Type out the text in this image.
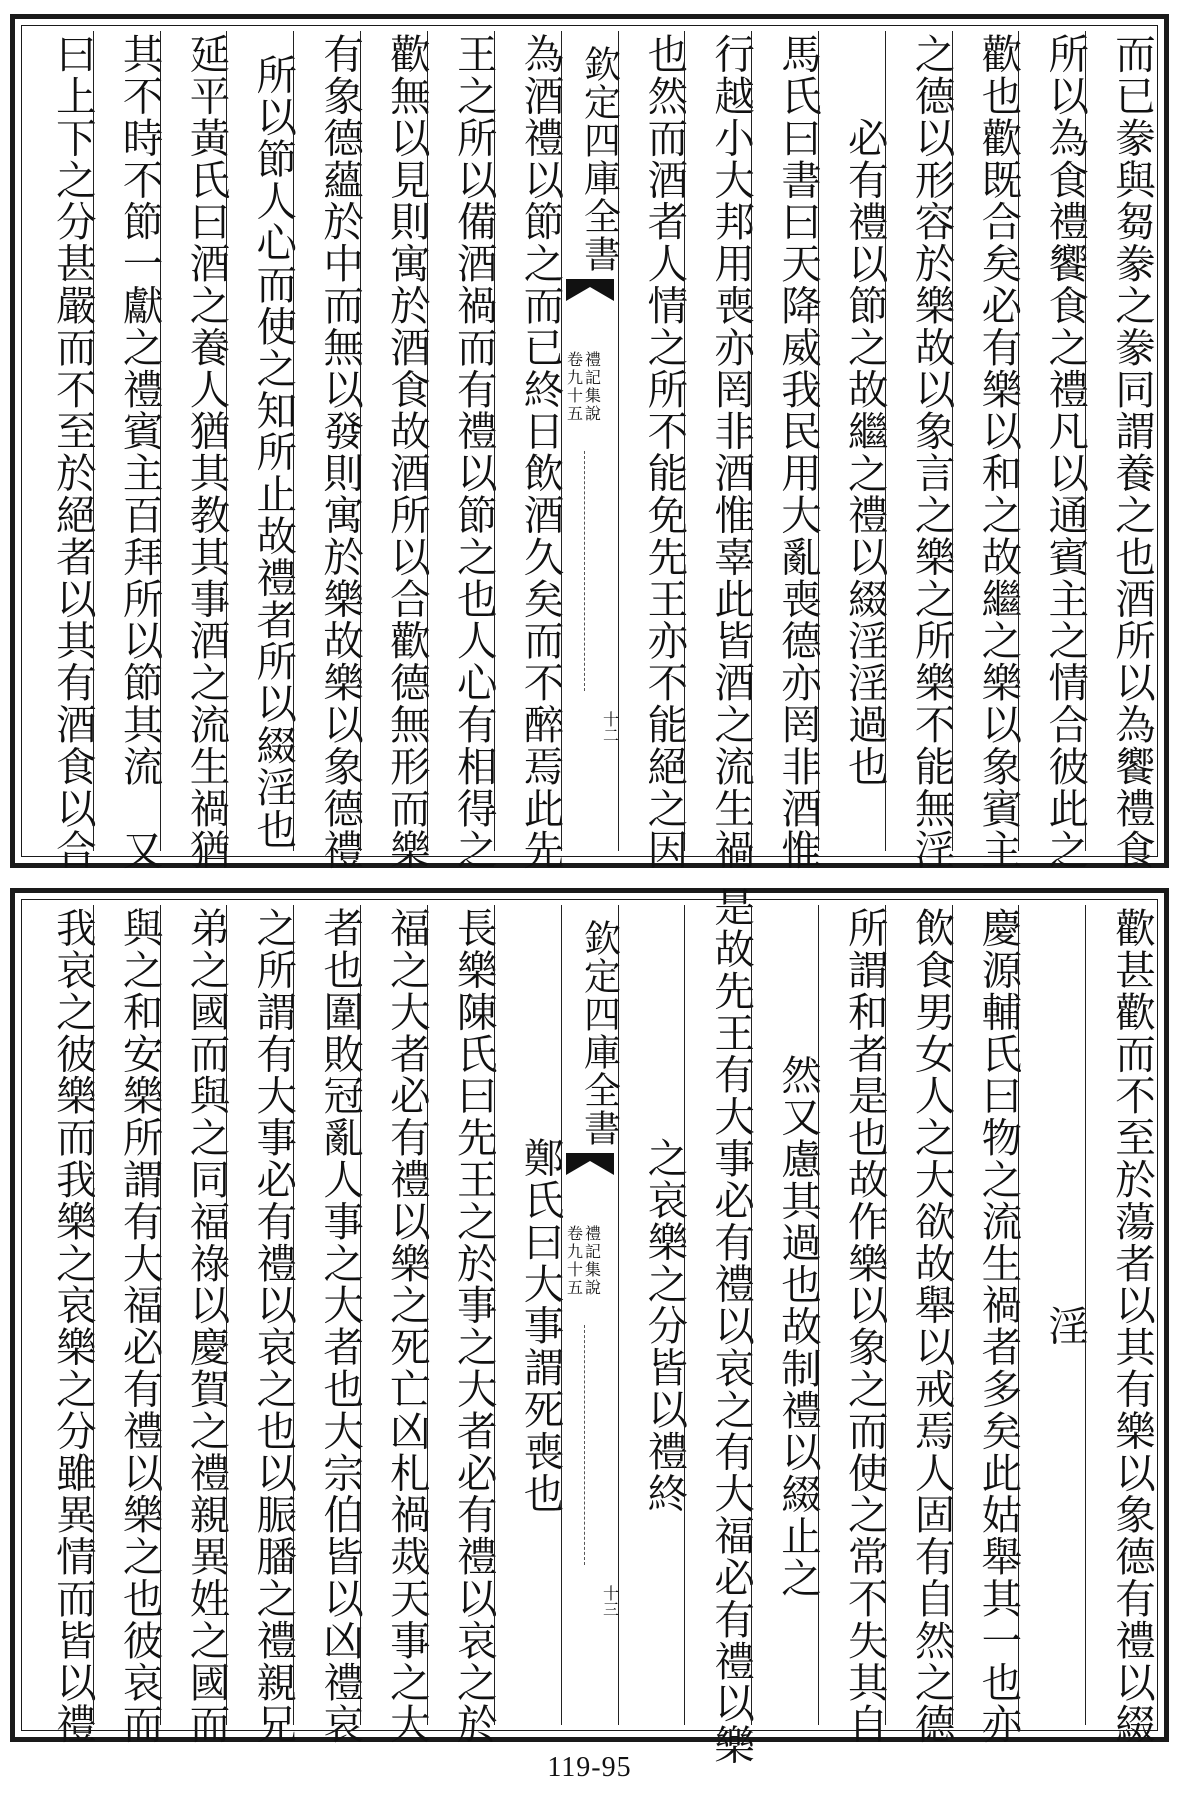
而已豢與芻豢之豢同謂養之也酒所以為饗禮食
所以為食禮饗食之禮凡以通賓主之情合彼此之
歡也歡既合矣必有樂以和之故繼之樂以象賓主
之德以形容於樂故以象言之樂之所樂不能無淫
必有禮以節之故繼之禮以綴淫淫過也
馬氏曰書曰天降威我民用大亂喪德亦罔非酒惟
行越小大邦用喪亦罔非酒惟辜此皆酒之流生禍
也然而酒者人情之所不能免先王亦不能絕之因
欽定四庫全書
禮記集說
卷九十五
十二
為酒禮以節之而已終日飲酒久矣而不醉焉此先
王之所以備酒禍而有禮以節之也人心有相得之
歡無以見則寓於酒食故酒所以合歡德無形而樂
有象德蘊於中而無以發則寓於樂故樂以象德禮
所以節人心而使之知所止故禮者所以綴淫也
延平黃氏曰酒之養人猶其教其事酒之流生禍猶
其不時不節一獻之禮賓主百拜所以節其流　又
曰上下之分甚嚴而不至於絕者以其有酒食以合
歡甚歡而不至於蕩者以其有樂以象德有禮以綴
淫
慶源輔氏曰物之流生禍者多矣此姑舉其一也亦
飲食男女人之大欲故舉以戒焉人固有自然之德
所謂和者是也故作樂以象之而使之常不失其自
然又慮其過也故制禮以綴止之
是故先王有大事必有禮以哀之有大福必有禮以樂
之哀樂之分皆以禮終
欽定四庫全書
禮記集說
卷九十五
十三
鄭氏曰大事謂死喪也
長樂陳氏曰先王之於事之大者必有禮以哀之於
福之大者必有禮以樂之死亡凶札禍烖天事之大
者也圍敗冠亂人事之大者也大宗伯皆以凶禮哀
之所謂有大事必有禮以哀之也以脤膰之禮親兄
弟之國而與之同福祿以慶賀之禮親異姓之國而
與之和安樂所謂有大福必有禮以樂之也彼哀而
我哀之彼樂而我樂之哀樂之分雖異情而皆以禮
119-95
